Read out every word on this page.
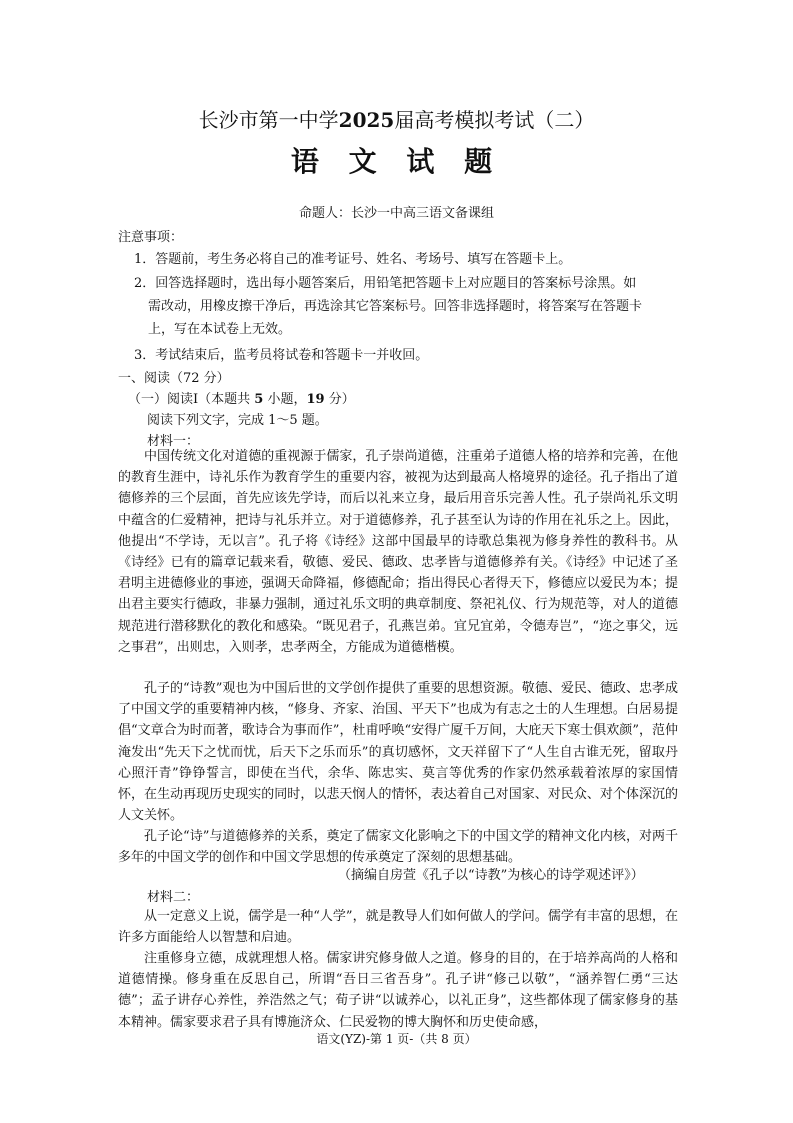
长沙市第一中学2025届高考模拟考试（二）
语 文 试 题
命题人：长沙一中高三语文备课组
注意事项：
1．答题前，考生务必将自己的准考证号、姓名、考场号、填写在答题卡上。
2．回答选择题时，选出每小题答案后，用铅笔把答题卡上对应题目的答案标号涂黑。如
需改动，用橡皮擦干净后，再选涂其它答案标号。回答非选择题时，将答案写在答题卡
上，写在本试卷上无效。
3．考试结束后，监考员将试卷和答题卡一并收回。
一、阅读（72 分）
（一）阅读Ⅰ（本题共 5 小题，19 分）
阅读下列文字，完成 1～5 题。
材料一：
中国传统文化对道德的重视源于儒家，孔子崇尚道德，注重弟子道德人格的培养和完善，在他的教育生涯中，诗礼乐作为教育学生的重要内容，被视为达到最高人格境界的途径。孔子指出了道德修养的三个层面，首先应该先学诗，而后以礼来立身，最后用音乐完善人性。孔子崇尚礼乐文明中蕴含的仁爱精神，把诗与礼乐并立。对于道德修养，孔子甚至认为诗的作用在礼乐之上。因此，他提出“不学诗，无以言”。孔子将《诗经》这部中国最早的诗歌总集视为修身养性的教科书。从《诗经》已有的篇章记载来看，敬德、爱民、德政、忠孝皆与道德修养有关。《诗经》中记述了圣君明主进德修业的事迹，强调天命降福，修德配命；指出得民心者得天下，修德应以爱民为本；提出君主要实行德政，非暴力强制，通过礼乐文明的典章制度、祭祀礼仪、行为规范等，对人的道德规范进行潜移默化的教化和感染。“既见君子，孔燕岂弟。宜兄宜弟，令德寿岂”，“迩之事父，远之事君”，出则忠，入则孝，忠孝两全，方能成为道德楷模。
孔子的“诗教”观也为中国后世的文学创作提供了重要的思想资源。敬德、爱民、德政、忠孝成了中国文学的重要精神内核，“修身、齐家、治国、平天下”也成为有志之士的人生理想。白居易提倡“文章合为时而著，歌诗合为事而作”，杜甫呼唤“安得广厦千万间，大庇天下寒士俱欢颜”，范仲淹发出“先天下之忧而忧，后天下之乐而乐”的真切感怀，文天祥留下了“人生自古谁无死，留取丹心照汗青”铮铮誓言，即使在当代，余华、陈忠实、莫言等优秀的作家仍然承载着浓厚的家国情怀，在生动再现历史现实的同时，以悲天悯人的情怀，表达着自己对国家、对民众、对个体深沉的人文关怀。
孔子论“诗”与道德修养的关系，奠定了儒家文化影响之下的中国文学的精神文化内核，对两千多年的中国文学的创作和中国文学思想的传承奠定了深刻的思想基础。
（摘编自房萱《孔子以“诗教”为核心的诗学观述评》）
材料二：
从一定意义上说，儒学是一种“人学”，就是教导人们如何做人的学问。儒学有丰富的思想，在许多方面能给人以智慧和启迪。
注重修身立德，成就理想人格。儒家讲究修身做人之道。修身的目的，在于培养高尚的人格和道德情操。修身重在反思自己，所谓“吾日三省吾身”。孔子讲“修己以敬”，“涵养智仁勇“三达德”；孟子讲存心养性，养浩然之气；荀子讲“以诚养心，以礼正身”，这些都体现了儒家修身的基本精神。儒家要求君子具有博施济众、仁民爱物的博大胸怀和历史使命感，
语文(YZ)-第 1 页-（共 8 页）
